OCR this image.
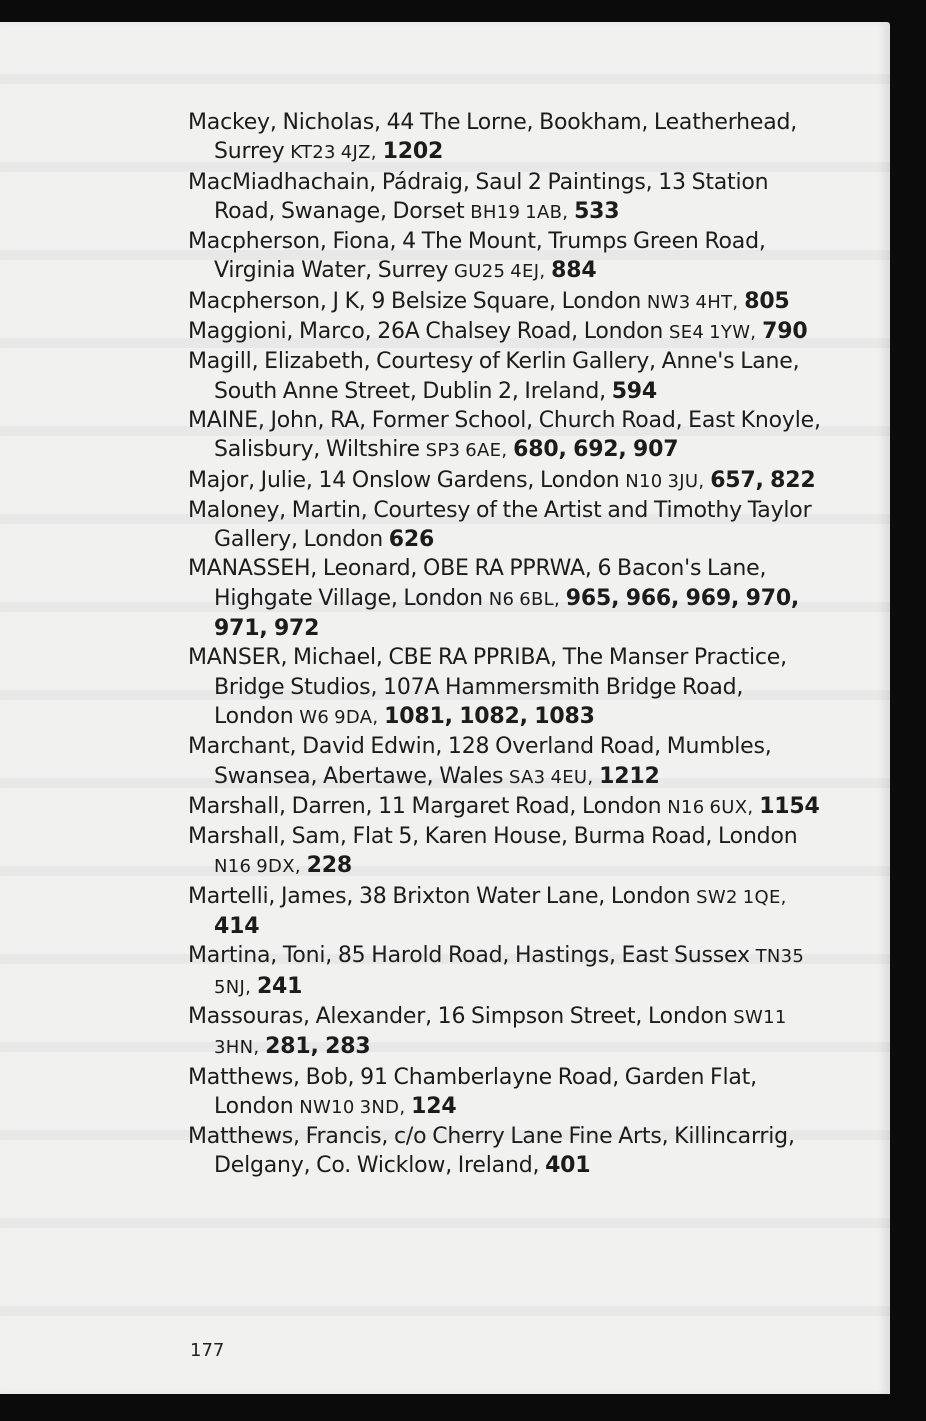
Mackey, Nicholas, 44 The Lorne, Bookham, Leatherhead, Surrey KT23 4JZ, 1202
MacMiadhachain, Pádraig, Saul 2 Paintings, 13 Station Road, Swanage, Dorset BH19 1AB, 533
Macpherson, Fiona, 4 The Mount, Trumps Green Road, Virginia Water, Surrey GU25 4EJ, 884
Macpherson, J K, 9 Belsize Square, London NW3 4HT, 805
Maggioni, Marco, 26A Chalsey Road, London SE4 1YW, 790
Magill, Elizabeth, Courtesy of Kerlin Gallery, Anne's Lane, South Anne Street, Dublin 2, Ireland, 594
MAINE, John, RA, Former School, Church Road, East Knoyle, Salisbury, Wiltshire SP3 6AE, 680, 692, 907
Major, Julie, 14 Onslow Gardens, London N10 3JU, 657, 822
Maloney, Martin, Courtesy of the Artist and Timothy Taylor Gallery, London 626
MANASSEH, Leonard, OBE RA PPRWA, 6 Bacon's Lane, Highgate Village, London N6 6BL, 965, 966, 969, 970, 971, 972
MANSER, Michael, CBE RA PPRIBA, The Manser Practice, Bridge Studios, 107A Hammersmith Bridge Road, London W6 9DA, 1081, 1082, 1083
Marchant, David Edwin, 128 Overland Road, Mumbles, Swansea, Abertawe, Wales SA3 4EU, 1212
Marshall, Darren, 11 Margaret Road, London N16 6UX, 1154
Marshall, Sam, Flat 5, Karen House, Burma Road, London N16 9DX, 228
Martelli, James, 38 Brixton Water Lane, London SW2 1QE, 414
Martina, Toni, 85 Harold Road, Hastings, East Sussex TN35 5NJ, 241
Massouras, Alexander, 16 Simpson Street, London SW11 3HN, 281, 283
Matthews, Bob, 91 Chamberlayne Road, Garden Flat, London NW10 3ND, 124
Matthews, Francis, c/o Cherry Lane Fine Arts, Killincarrig, Delgany, Co. Wicklow, Ireland, 401
177
